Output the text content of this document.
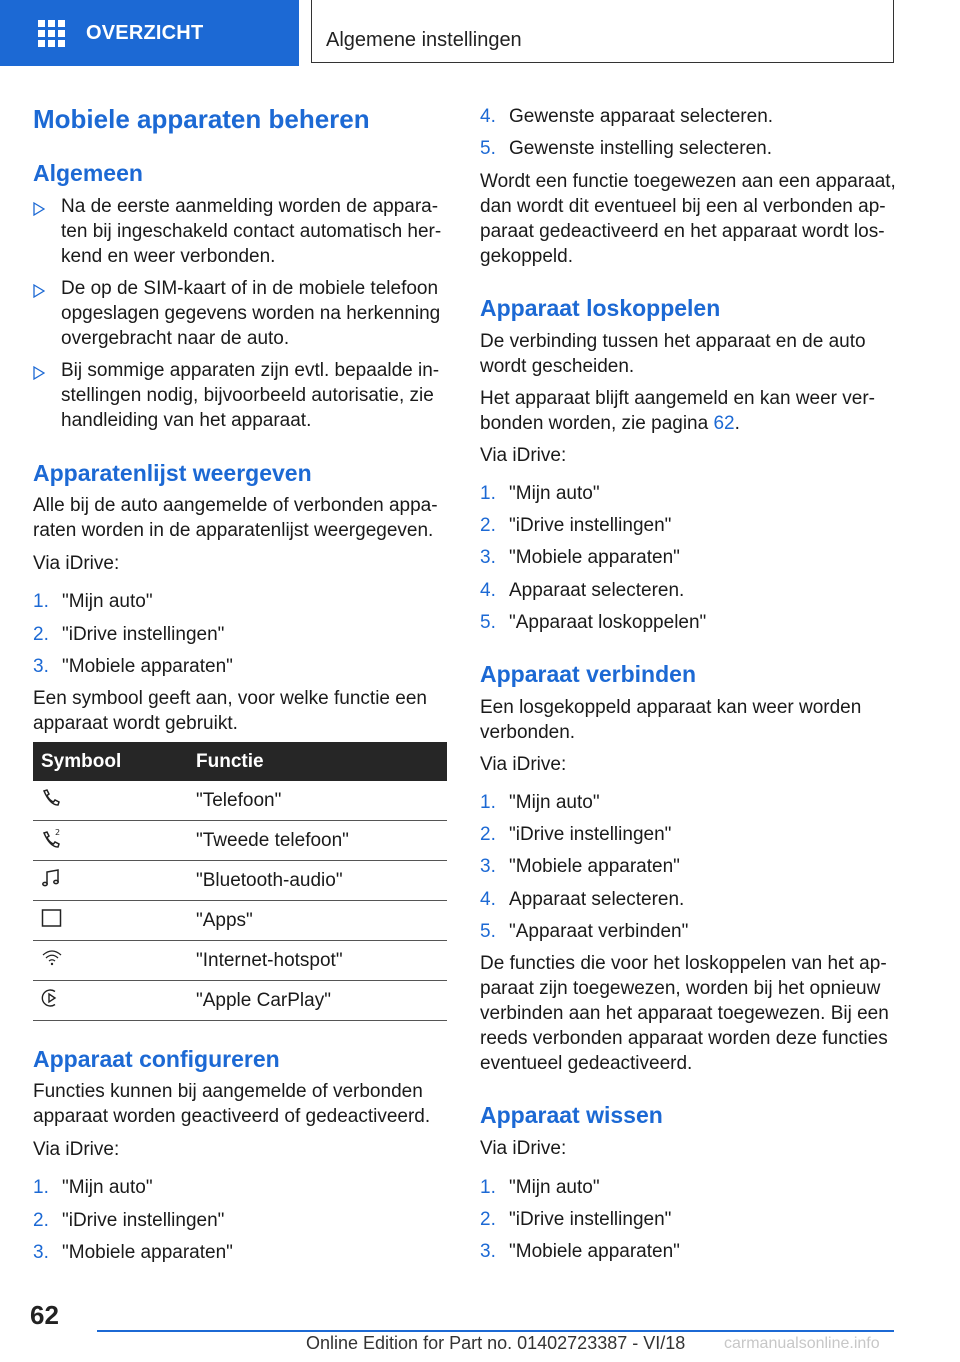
OVERZICHT	Algemene instellingen
Mobiele apparaten beheren
Algemeen
Na de eerste aanmelding worden de appara-
ten bij ingeschakeld contact automatisch her-
kend en weer verbonden.
De op de SIM-kaart of in de mobiele telefoon
opgeslagen gegevens worden na herkenning
overgebracht naar de auto.
Bij sommige apparaten zijn evtl. bepaalde in-
stellingen nodig, bijvoorbeeld autorisatie, zie
handleiding van het apparaat.
Apparatenlijst weergeven
Alle bij de auto aangemelde of verbonden appa-
raten worden in de apparatenlijst weergegeven.
Via iDrive:
1. "Mijn auto"
2. "iDrive instellingen"
3. "Mobiele apparaten"
Een symbool geeft aan, voor welke functie een
apparaat wordt gebruikt.
Symbool	Functie
	"Telefoon"

2	"Tweede telefoon"
	"Bluetooth-audio"
	"Apps"
	"Internet-hotspot"
	"Apple CarPlay"
Apparaat configureren
Functies kunnen bij aangemelde of verbonden
apparaat worden geactiveerd of gedeactiveerd.
Via iDrive:
1. "Mijn auto"
2. "iDrive instellingen"
3. "Mobiele apparaten"
4. Gewenste apparaat selecteren.
5. Gewenste instelling selecteren.
Wordt een functie toegewezen aan een apparaat,
dan wordt dit eventueel bij een al verbonden ap-
paraat gedeactiveerd en het apparaat wordt los-
gekoppeld.
Apparaat loskoppelen
De verbinding tussen het apparaat en de auto
wordt gescheiden.
Het apparaat blijft aangemeld en kan weer ver-
bonden worden, zie pagina 62.
Via iDrive:
1. "Mijn auto"
2. "iDrive instellingen"
3. "Mobiele apparaten"
4. Apparaat selecteren.
5. "Apparaat loskoppelen"
Apparaat verbinden
Een losgekoppeld apparaat kan weer worden
verbonden.
Via iDrive:
1. "Mijn auto"
2. "iDrive instellingen"
3. "Mobiele apparaten"
4. Apparaat selecteren.
5. "Apparaat verbinden"
De functies die voor het loskoppelen van het ap-
paraat zijn toegewezen, worden bij het opnieuw
verbinden aan het apparaat toegewezen. Bij een
reeds verbonden apparaat worden deze functies
eventueel gedeactiveerd.
Apparaat wissen
Via iDrive:
1. "Mijn auto"
2. "iDrive instellingen"
3. "Mobiele apparaten"
62
Online Edition for Part no. 01402723387 - VI/18 carmanualsonline.info
